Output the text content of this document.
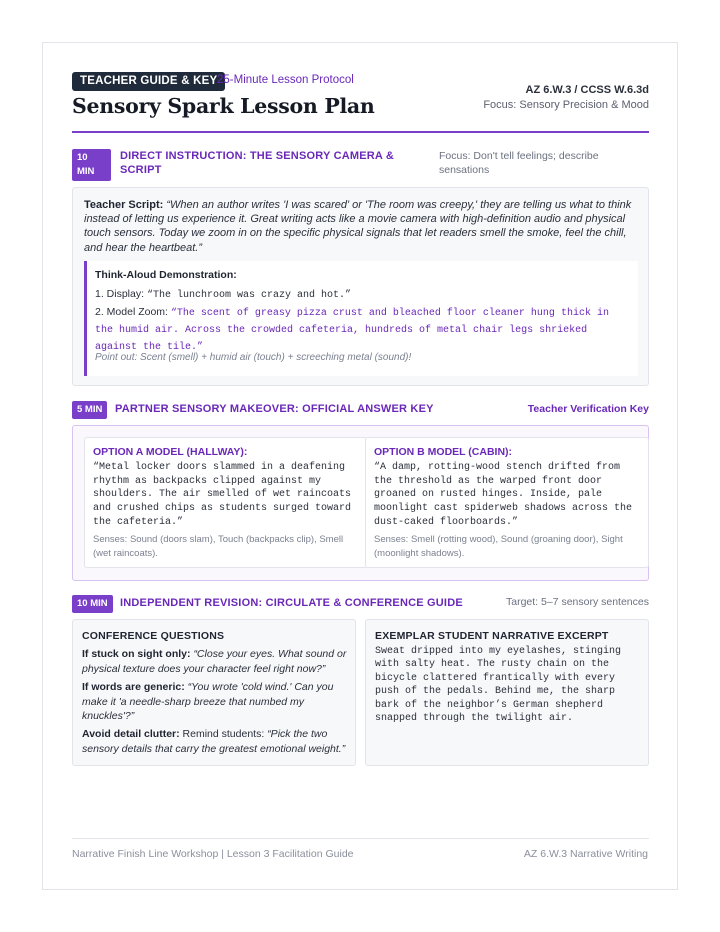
TEACHER GUIDE & KEY 25-Minute Lesson Protocol
Sensory Spark Lesson Plan
AZ 6.W.3 / CCSS W.6.3d
Focus: Sensory Precision & Mood
10 MIN
DIRECT INSTRUCTION: THE SENSORY CAMERA & SCRIPT
Focus: Don't tell feelings; describe sensations
Teacher Script: “When an author writes 'I was scared' or 'The room was creepy,' they are telling us what to think instead of letting us experience it. Great writing acts like a movie camera with high-definition audio and physical touch sensors. Today we zoom in on the specific physical signals that let readers smell the smoke, feel the chill, and hear the heartbeat.”
Think-Aloud Demonstration:
1. Display: “The lunchroom was crazy and hot.”
2. Model Zoom: “The scent of greasy pizza crust and bleached floor cleaner hung thick in the humid air. Across the crowded cafeteria, hundreds of metal chair legs shrieked against the tile.”
Point out: Scent (smell) + humid air (touch) + screeching metal (sound)!
5 MIN	PARTNER SENSORY MAKEOVER: OFFICIAL ANSWER KEY	Teacher Verification Key
OPTION A MODEL (HALLWAY):
“Metal locker doors slammed in a deafening rhythm as backpacks clipped against my shoulders. The air smelled of wet raincoats and crushed chips as students surged toward the cafeteria.”
Senses: Sound (doors slam), Touch (backpacks clip), Smell (wet raincoats).
OPTION B MODEL (CABIN):
“A damp, rotting-wood stench drifted from the threshold as the warped front door groaned on rusted hinges. Inside, pale moonlight cast spiderweb shadows across the dust-caked floorboards.”
Senses: Smell (rotting wood), Sound (groaning door), Sight (moonlight shadows).
10 MIN	INDEPENDENT REVISION: CIRCULATE & CONFERENCE GUIDE	Target: 5–7 sensory sentences
CONFERENCE QUESTIONS
If stuck on sight only: “Close your eyes. What sound or physical texture does your character feel right now?”
If words are generic: “You wrote 'cold wind.' Can you make it 'a needle-sharp breeze that numbed my knuckles'?”
Avoid detail clutter: Remind students: “Pick the two sensory details that carry the greatest emotional weight.”
EXEMPLAR STUDENT NARRATIVE EXCERPT
Sweat dripped into my eyelashes, stinging with salty heat. The rusty chain on the bicycle clattered frantically with every push of the pedals. Behind me, the sharp bark of the neighbor’s German shepherd snapped through the twilight air.
Narrative Finish Line Workshop | Lesson 3 Facilitation Guide	AZ 6.W.3 Narrative Writing
